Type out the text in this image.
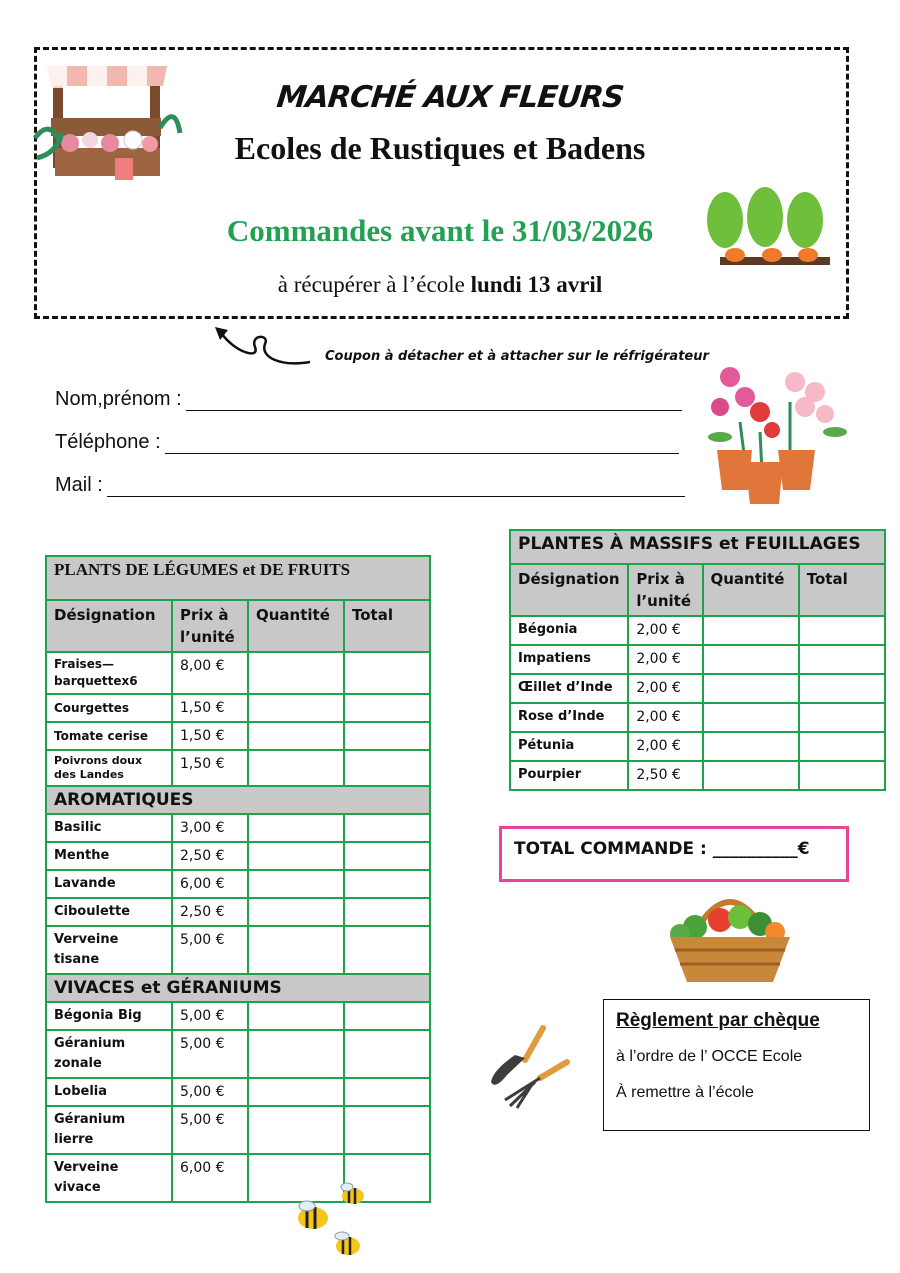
MARCHÉ AUX FLEURS
Ecoles de Rustiques et Badens
Commandes avant le 31/03/2026
à récupérer à l’école lundi 13 avril
Coupon à détacher et à attacher sur le réfrigérateur
Nom,prénom :
Téléphone :
Mail :
PLANTS DE LÉGUMES et DE FRUITS			
Désignation	Prix à l’unité	Quantité	Total
Fraises—barquettex6	8,00 €		
Courgettes	1,50 €		
Tomate cerise	1,50 €		
Poivrons doux des Landes	1,50 €		
AROMATIQUES			
Basilic	3,00 €		
Menthe	2,50 €		
Lavande	6,00 €		
Ciboulette	2,50 €		
Verveine tisane	5,00 €		
VIVACES et GÉRANIUMS			
Bégonia Big	5,00 €		
Géranium zonale	5,00 €		
Lobelia	5,00 €		
Géranium lierre	5,00 €		
Verveine vivace	6,00 €		
PLANTES À MASSIFS et FEUILLAGES			
Désignation	Prix à l’unité	Quantité	Total
Bégonia	2,00 €		
Impatiens	2,00 €		
Œillet d’Inde	2,00 €		
Rose d’Inde	2,00 €		
Pétunia	2,00 €		
Pourpier	2,50 €		
TOTAL COMMANDE : __________€
Règlement par chèque
à l’ordre de l’ OCCE Ecole
À remettre à l’école
